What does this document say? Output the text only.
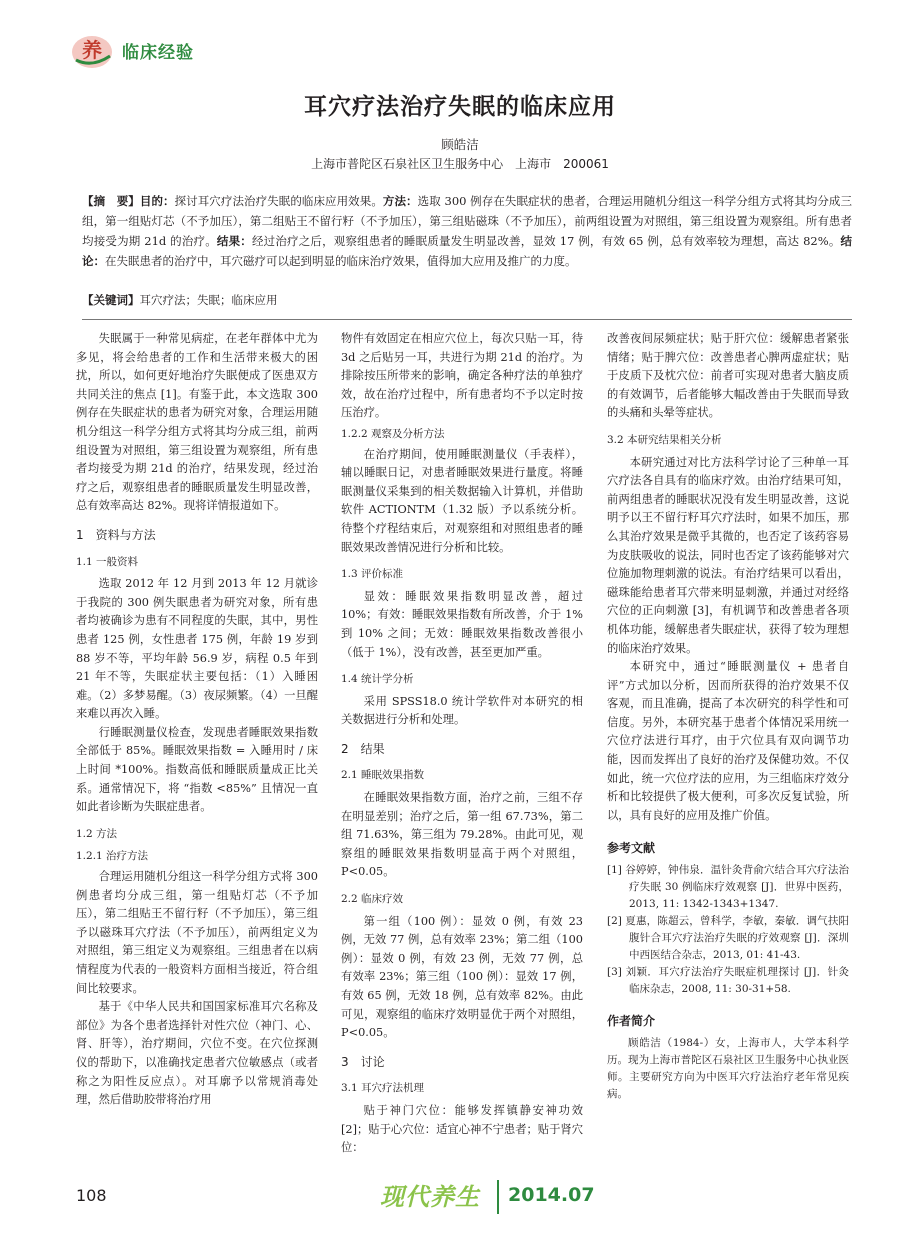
养 临床经验
耳穴疗法治疗失眠的临床应用
顾皓洁
上海市普陀区石泉社区卫生服务中心　上海市　200061
【摘　要】目的：探讨耳穴疗法治疗失眠的临床应用效果。方法：选取 300 例存在失眠症状的患者，合理运用随机分组这一科学分组方式将其均分成三组，第一组贴灯芯（不予加压），第二组贴王不留行籽（不予加压），第三组贴磁珠（不予加压），前两组设置为对照组，第三组设置为观察组。所有患者均接受为期 21d 的治疗。结果：经过治疗之后，观察组患者的睡眠质量发生明显改善，显效 17 例，有效 65 例，总有效率较为理想，高达 82%。结论：在失眠患者的治疗中，耳穴磁疗可以起到明显的临床治疗效果，值得加大应用及推广的力度。
【关键词】耳穴疗法；失眠；临床应用

失眠属于一种常见病症，在老年群体中尤为多见，将会给患者的工作和生活带来极大的困扰，所以，如何更好地治疗失眠便成了医患双方共同关注的焦点 [1]。有鉴于此，本文选取 300 例存在失眠症状的患者为研究对象，合理运用随机分组这一科学分组方式将其均分成三组，前两组设置为对照组，第三组设置为观察组，所有患者均接受为期 21d 的治疗，结果发现，经过治疗之后，观察组患者的睡眠质量发生明显改善，总有效率高达 82%。现将详情报道如下。

1　资料与方法
1.1 一般资料

选取 2012 年 12 月到 2013 年 12 月就诊于我院的 300 例失眠患者为研究对象，所有患者均被确诊为患有不同程度的失眠，其中，男性患者 125 例，女性患者 175 例，年龄 19 岁到 88 岁不等，平均年龄 56.9 岁，病程 0.5 年到 21 年不等，失眠症状主要包括：（1）入睡困难。（2）多梦易醒。（3）夜尿频繁。（4）一旦醒来难以再次入睡。

行睡眠测量仪检查，发现患者睡眠效果指数全部低于 85%。睡眠效果指数 = 入睡用时 / 床上时间 *100%。指数高低和睡眠质量成正比关系。通常情况下，将 “指数 <85%” 且情况一直如此者诊断为失眠症患者。

1.2 方法
1.2.1 治疗方法

合理运用随机分组这一科学分组方式将 300 例患者均分成三组，第一组贴灯芯（不予加压），第二组贴王不留行籽（不予加压），第三组予以磁珠耳穴疗法（不予加压），前两组定义为对照组，第三组定义为观察组。三组患者在以病情程度为代表的一般资料方面相当接近，符合组间比较要求。

基于《中华人民共和国国家标准耳穴名称及部位》为各个患者选择针对性穴位（神门、心、肾、肝等），治疗期间，穴位不变。在穴位探测仪的帮助下，以准确找定患者穴位敏感点（或者称之为阳性反应点）。对耳廓予以常规消毒处理，然后借助胶带将治疗用

物件有效固定在相应穴位上，每次只贴一耳，待 3d 之后贴另一耳，共进行为期 21d 的治疗。为排除按压所带来的影响，确定各种疗法的单独疗效，故在治疗过程中，所有患者均不予以定时按压治疗。

1.2.2 观察及分析方法

在治疗期间，使用睡眠测量仪（手表样），辅以睡眠日记，对患者睡眠效果进行量度。将睡眠测量仪采集到的相关数据输入计算机，并借助软件 ACTIONTM（1.32 版）予以系统分析。待整个疗程结束后，对观察组和对照组患者的睡眠效果改善情况进行分析和比较。

1.3 评价标准

显效：睡眠效果指数明显改善，超过 10%；有效：睡眠效果指数有所改善，介于 1% 到 10% 之间；无效：睡眠效果指数改善很小（低于 1%），没有改善，甚至更加严重。

1.4 统计学分析

采用 SPSS18.0 统计学软件对本研究的相关数据进行分析和处理。

2　结果
2.1 睡眠效果指数

在睡眠效果指数方面，治疗之前，三组不存在明显差别；治疗之后，第一组 67.73%，第二组 71.63%，第三组为 79.28%。由此可见，观察组的睡眠效果指数明显高于两个对照组，P<0.05。

2.2 临床疗效

第一组（100 例）：显效 0 例，有效 23 例，无效 77 例，总有效率 23%；第二组（100 例）：显效 0 例，有效 23 例，无效 77 例，总有效率 23%；第三组（100 例）：显效 17 例，有效 65 例，无效 18 例，总有效率 82%。由此可见，观察组的临床疗效明显优于两个对照组，P<0.05。

3　讨论
3.1 耳穴疗法机理

贴于神门穴位：能够发挥镇静安神功效 [2]；贴于心穴位：适宜心神不宁患者；贴于肾穴位：

改善夜间尿频症状；贴于肝穴位：缓解患者紧张情绪；贴于脾穴位：改善患者心脾两虚症状；贴于皮质下及枕穴位：前者可实现对患者大脑皮质的有效调节，后者能够大幅改善由于失眠而导致的头痛和头晕等症状。

3.2 本研究结果相关分析

本研究通过对比方法科学讨论了三种单一耳穴疗法各自具有的临床疗效。由治疗结果可知，前两组患者的睡眠状况没有发生明显改善，这说明予以王不留行籽耳穴疗法时，如果不加压，那么其治疗效果是微乎其微的，也否定了该药容易为皮肤吸收的说法，同时也否定了该药能够对穴位施加物理刺激的说法。有治疗结果可以看出，磁珠能给患者耳穴带来明显刺激，并通过对经络穴位的正向刺激 [3]，有机调节和改善患者各项机体功能，缓解患者失眠症状，获得了较为理想的临床治疗效果。

本研究中，通过“睡眠测量仪 + 患者自评”方式加以分析，因而所获得的治疗效果不仅客观，而且准确，提高了本次研究的科学性和可信度。另外，本研究基于患者个体情况采用统一穴位疗法进行耳疗，由于穴位具有双向调节功能，因而发挥出了良好的治疗及保健功效。不仅如此，统一穴位疗法的应用，为三组临床疗效分析和比较提供了极大便利，可多次反复试验，所以，具有良好的应用及推广价值。

参考文献

[1] 谷婷婷，钟伟泉．温针灸背俞穴结合耳穴疗法治疗失眠 30 例临床疗效观察 [J]．世界中医药，2013, 11: 1342-1343+1347.

[2] 夏惠，陈超云，曾科学，李敏，秦敏．调气扶阳腹针合耳穴疗法治疗失眠的疗效观察 [J]．深圳中西医结合杂志，2013, 01: 41-43.

[3] 刘颖．耳穴疗法治疗失眠症机理探讨 [J]．针灸临床杂志，2008, 11: 30-31+58.

作者简介

顾皓洁（1984-）女，上海市人，大学本科学历。现为上海市普陀区石泉社区卫生服务中心执业医师。主要研究方向为中医耳穴疗法治疗老年常见疾病。

108	现代养生 2014.07
